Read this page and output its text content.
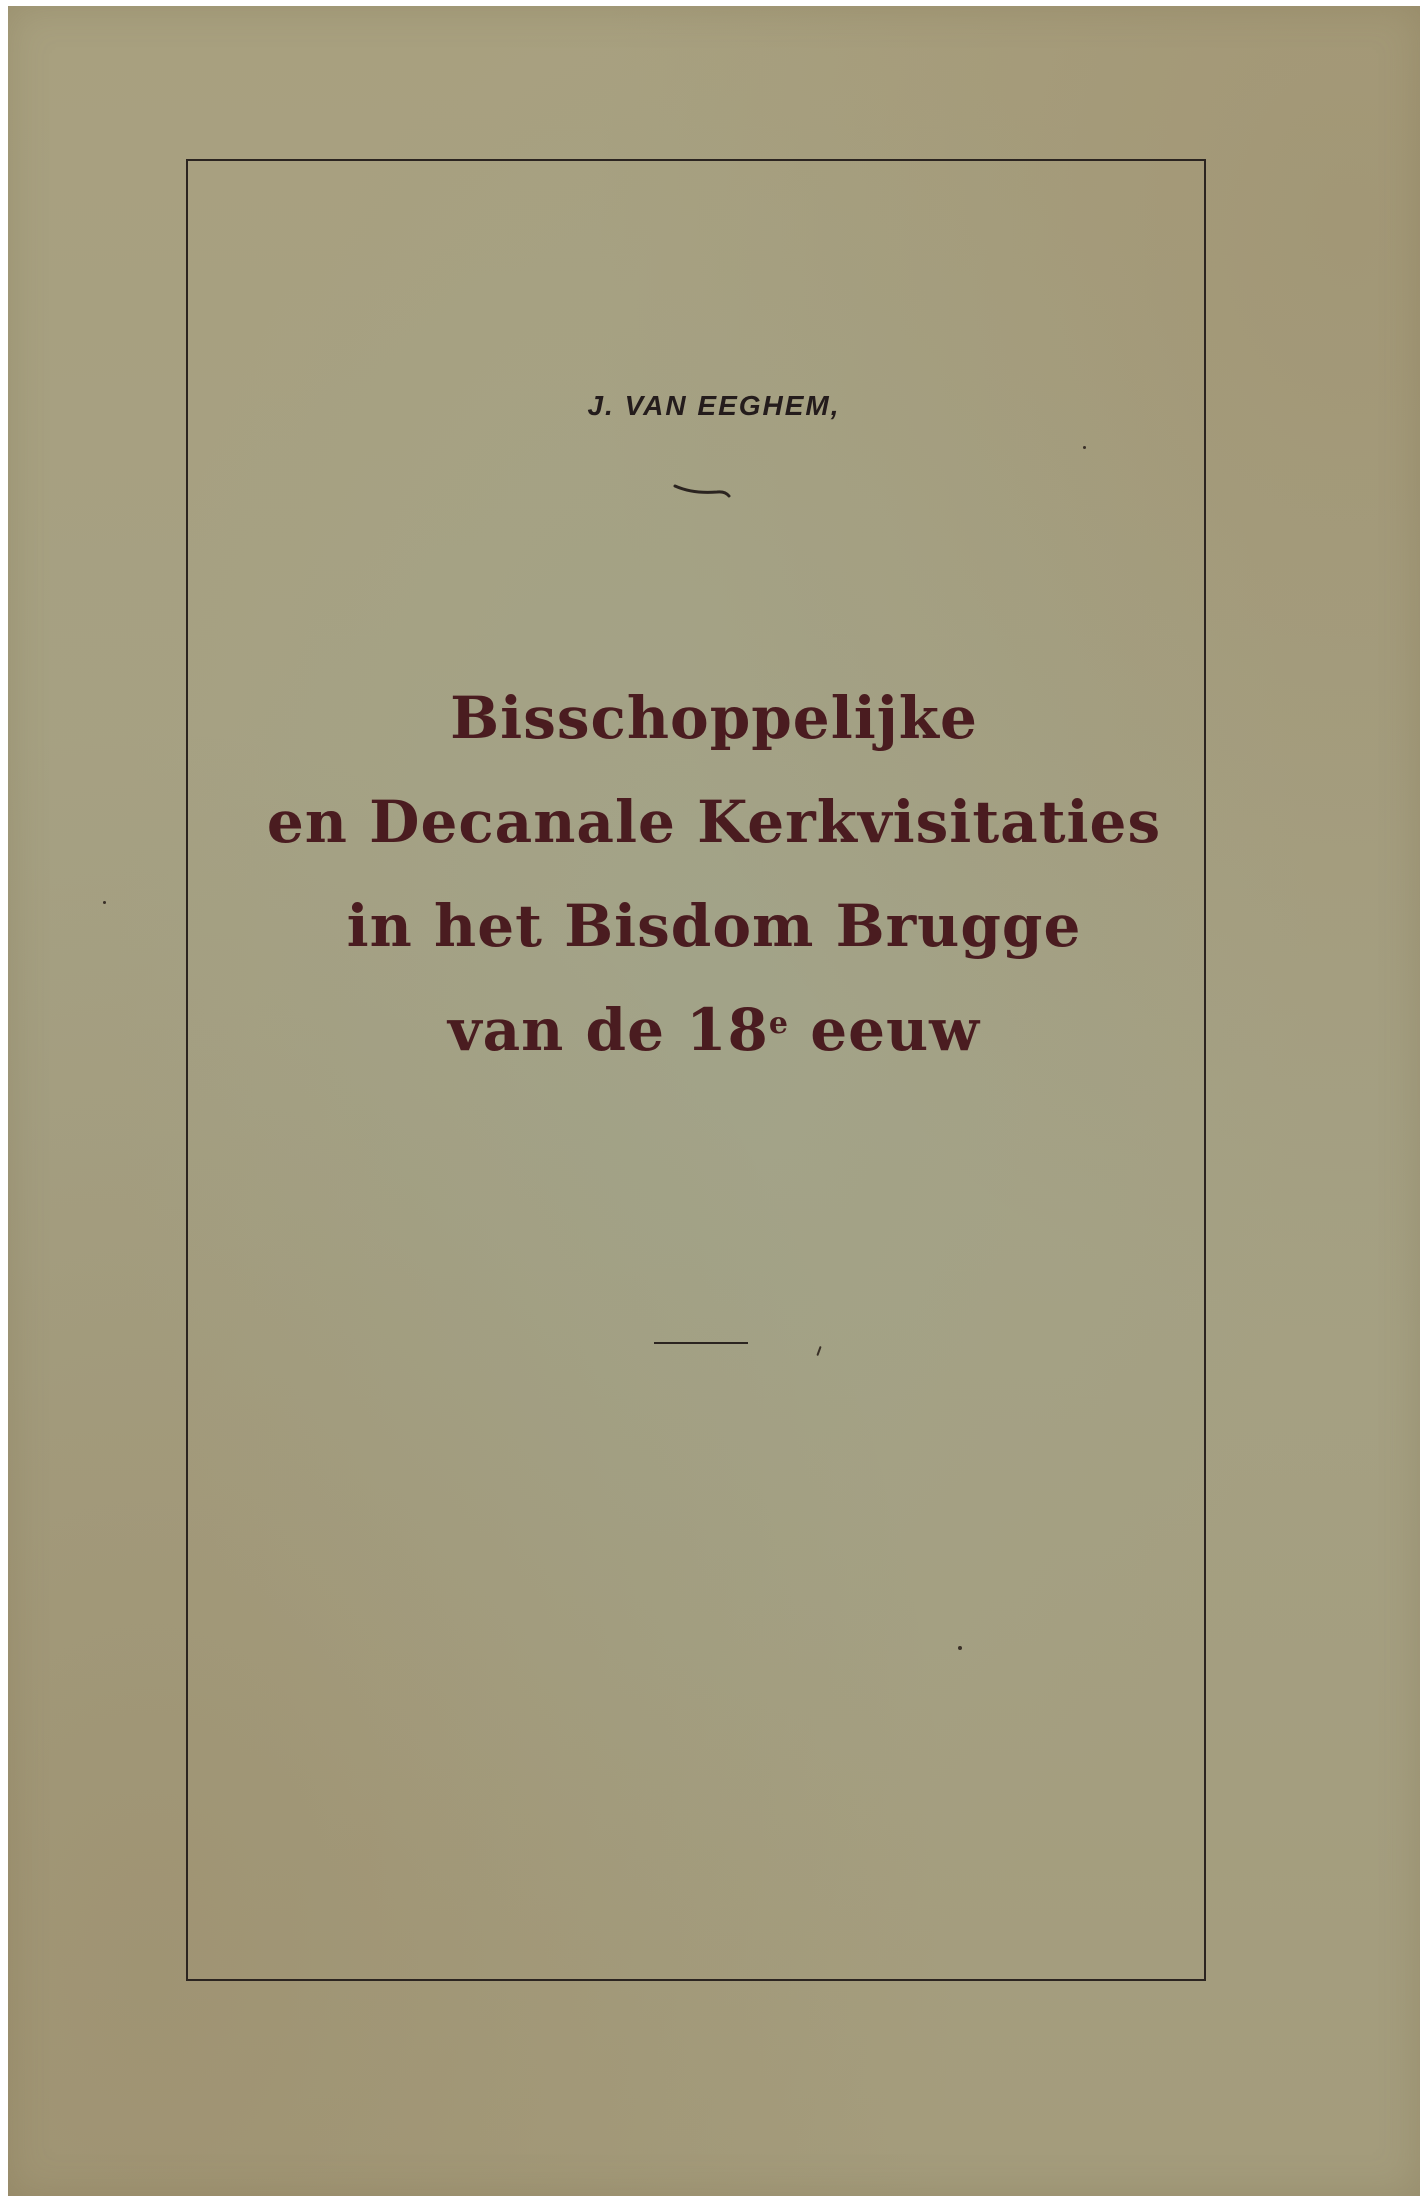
J. VAN EEGHEM,
Bisschoppelijke
en Decanale Kerkvisitaties
in het Bisdom Brugge
van de 18e eeuw
